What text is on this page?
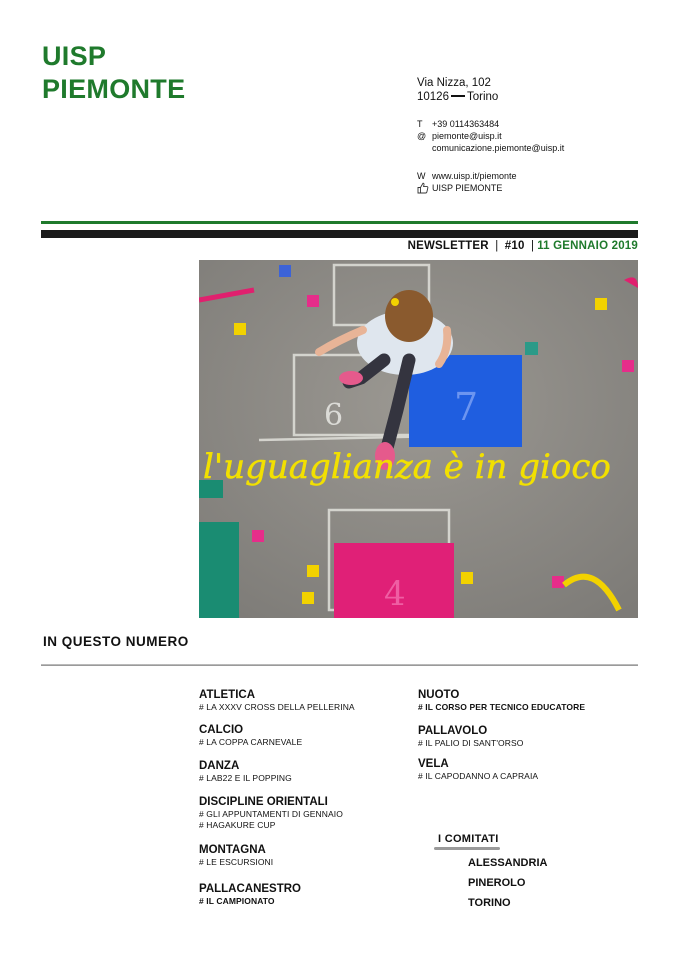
UISP
PIEMONTE	Via Nizza, 102
10126 Torino
T	+39 0114363484
@ piemonte@uisp.it
comunicazione.piemonte@uisp.it
W www.uisp.it/piemonte
UISP PIEMONTE
NEWSLETTER | #10 | 11 GENNAIO 2019
6	7
4
l'uguaglianza è in gioco
IN QUESTO NUMERO
ATLETICA
# LA XXXV CROSS DELLA PELLERINA
CALCIO
# LA COPPA CARNEVALE
DANZA
# LAB22 E IL POPPING
DISCIPLINE ORIENTALI
# GLI APPUNTAMENTI DI GENNAIO
# HAGAKURE CUP
MONTAGNA
# LE ESCURSIONI
PALLACANESTRO
# IL CAMPIONATO
NUOTO
# IL CORSO PER TECNICO EDUCATORE
PALLAVOLO
# IL PALIO DI SANT'ORSO
VELA
# IL CAPODANNO A CAPRAIA
I COMITATI
ALESSANDRIA
PINEROLO
TORINO
